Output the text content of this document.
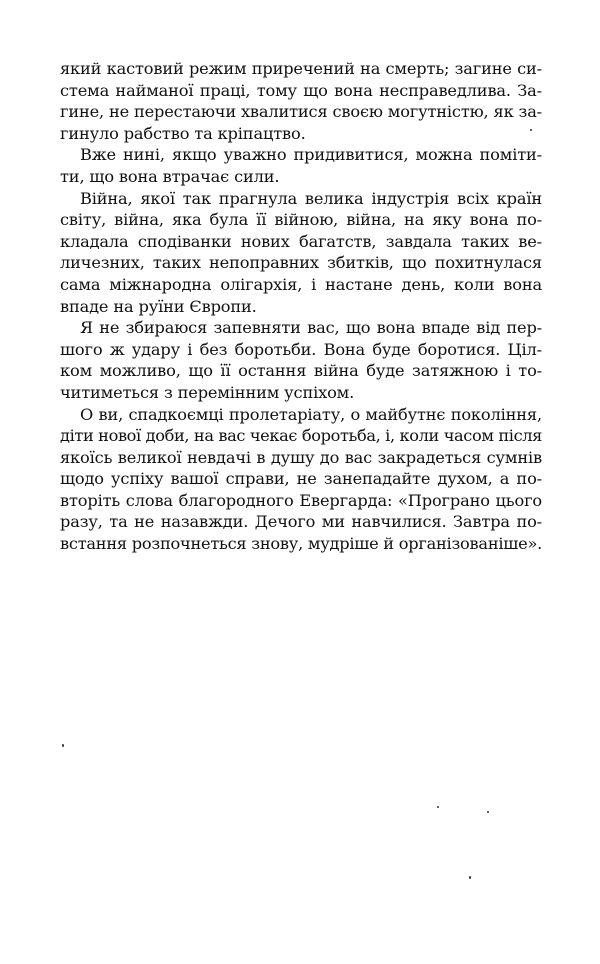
який кастовий режим приречений на смерть; загине си-
стема найманої праці, тому що вона несправедлива. За-
гине, не перестаючи хвалитися своєю могутністю, як за-
гинуло рабство та кріпацтво.

Вже нині, якщо уважно придивитися, можна поміти-
ти, що вона втрачає сили.

Війна, якої так прагнула велика індустрія всіх країн
світу, війна, яка була її війною, війна, на яку вона по-
кладала сподіванки нових багатств, завдала таких ве-
личезних, таких непоправних збитків, що похитнулася
сама міжнародна олігархія, і настане день, коли вона
впаде на руїни Європи.

Я не збираюся запевняти вас, що вона впаде від пер-
шого ж удару і без боротьби. Вона буде боротися. Ціл-
ком можливо, що її остання війна буде затяжною і то-
читиметься з перемінним успіхом.

О ви, спадкоємці пролетаріату, о майбутнє покоління,
діти нової доби, на вас чекає боротьба, і, коли часом після
якоїсь великої невдачі в душу до вас закрадеться сумнів
щодо успіху вашої справи, не занепадайте духом, а по-
вторіть слова благородного Евергарда: «Програно цього
разу, та не назавжди. Дечого ми навчилися. Завтра по-
встання розпочнеться знову, мудріше й організованіше».
